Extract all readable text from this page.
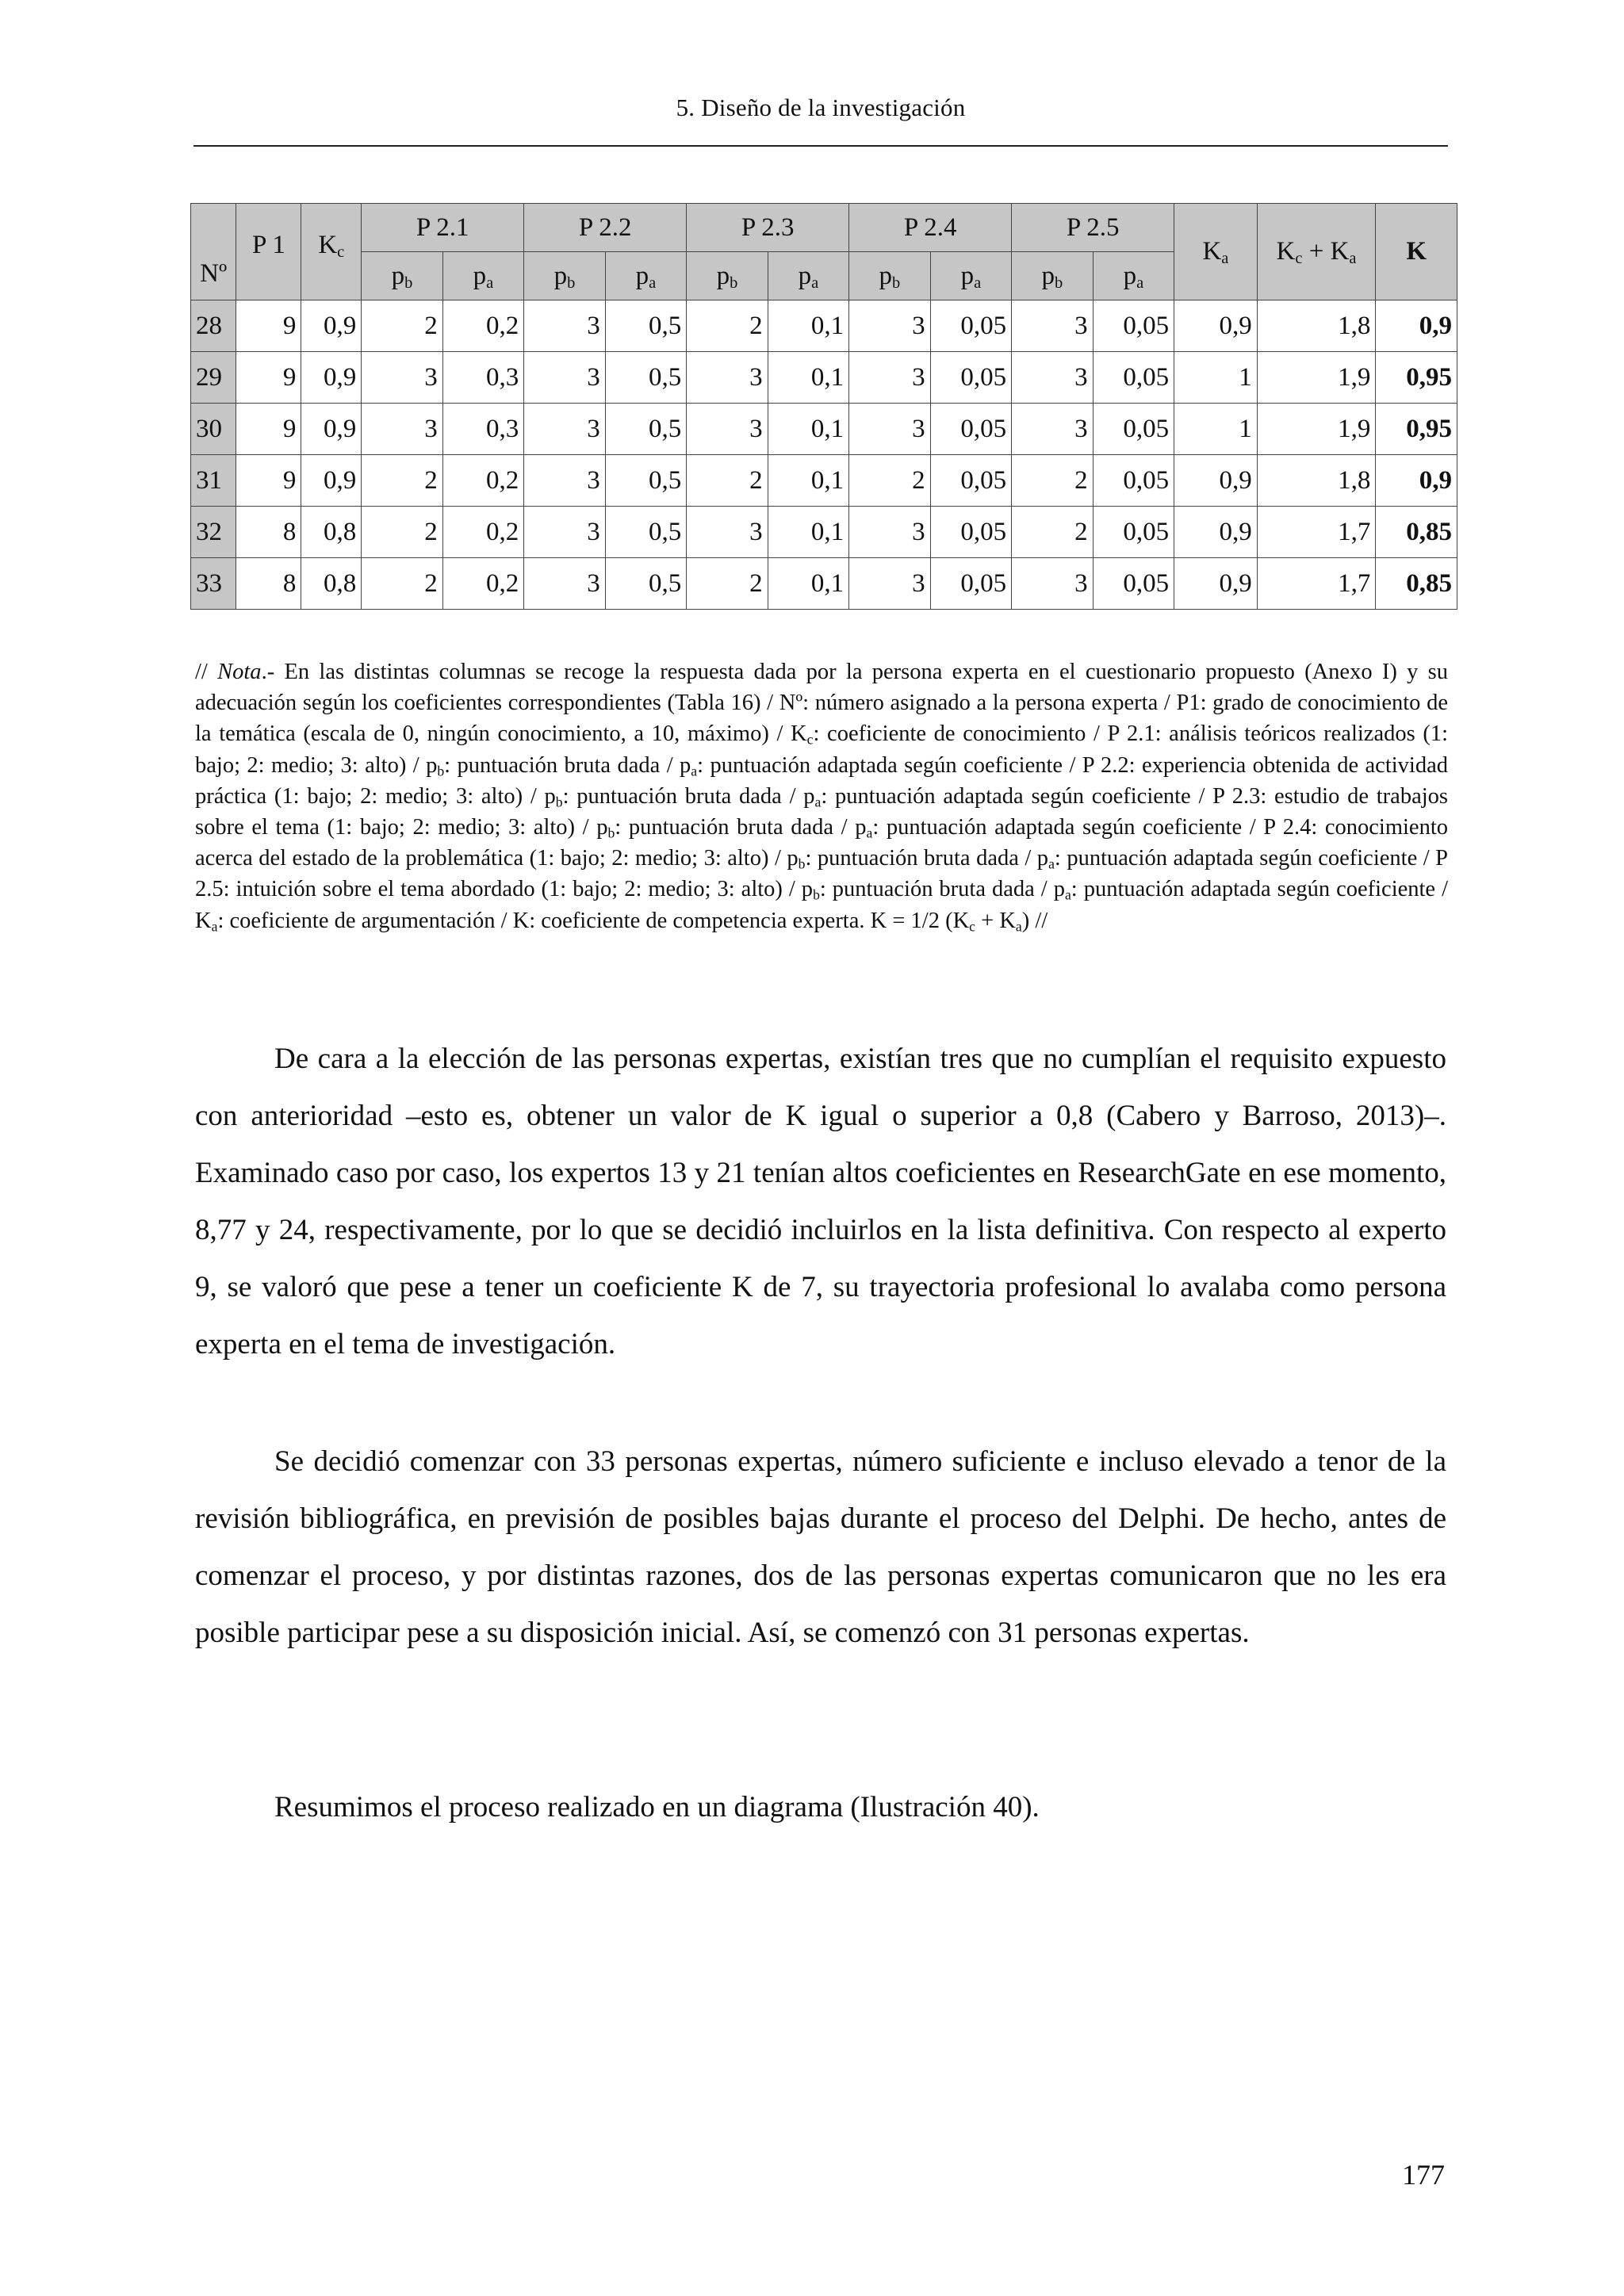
5. Diseño de la investigación
Nº	P 1	$K_c$	P 2.1		P 2.2		P 2.3		P 2.4		P 2.5		$K_a$	$K_c + K_a$	K
			$p_b$	$p_a$	$p_b$	$p_a$	$p_b$	$p_a$	$p_b$	$p_a$	$p_b$	$p_a$
28	9	0,9	2	0,2	3	0,5	2	0,1	3	0,05	3	0,05	0,9	1,8	0,9
29	9	0,9	3	0,3	3	0,5	3	0,1	3	0,05	3	0,05	1	1,9	0,95
30	9	0,9	3	0,3	3	0,5	3	0,1	3	0,05	3	0,05	1	1,9	0,95
31	9	0,9	2	0,2	3	0,5	2	0,1	2	0,05	2	0,05	0,9	1,8	0,9
32	8	0,8	2	0,2	3	0,5	3	0,1	3	0,05	2	0,05	0,9	1,7	0,85
33	8	0,8	2	0,2	3	0,5	2	0,1	3	0,05	3	0,05	0,9	1,7	0,85
// Nota.- En las distintas columnas se recoge la respuesta dada por la persona experta en el cuestionario propuesto (Anexo I) y su adecuación según los coeficientes correspondientes (Tabla 16) / Nº: número asignado a la persona experta / P1: grado de conocimiento de la temática (escala de 0, ningún conocimiento, a 10, máximo) / $K_c$: coeficiente de conocimiento / P 2.1: análisis teóricos realizados (1: bajo; 2: medio; 3: alto) / $p_b$: puntuación bruta dada / $p_a$: puntuación adaptada según coeficiente / P 2.2: experiencia obtenida de actividad práctica (1: bajo; 2: medio; 3: alto) / $p_b$: puntuación bruta dada / $p_a$: puntuación adaptada según coeficiente / P 2.3: estudio de trabajos sobre el tema (1: bajo; 2: medio; 3: alto) / $p_b$: puntuación bruta dada / $p_a$: puntuación adaptada según coeficiente / P 2.4: conocimiento acerca del estado de la problemática (1: bajo; 2: medio; 3: alto) / $p_b$: puntuación bruta dada / $p_a$: puntuación adaptada según coeficiente / P 2.5: intuición sobre el tema abordado (1: bajo; 2: medio; 3: alto) / $p_b$: puntuación bruta dada / $p_a$: puntuación adaptada según coeficiente / $K_a$: coeficiente de argumentación / K: coeficiente de competencia experta. K = 1/2 $(K_c + K_a)$ //

De cara a la elección de las personas expertas, existían tres que no cumplían el requisito expuesto con anterioridad –esto es, obtener un valor de K igual o superior a 0,8 (Cabero y Barroso, 2013)–. Examinado caso por caso, los expertos 13 y 21 tenían altos coeficientes en ResearchGate en ese momento, 8,77 y 24, respectivamente, por lo que se decidió incluirlos en la lista definitiva. Con respecto al experto 9, se valoró que pese a tener un coeficiente K de 7, su trayectoria profesional lo avalaba como persona experta en el tema de investigación.

Se decidió comenzar con 33 personas expertas, número suficiente e incluso elevado a tenor de la revisión bibliográfica, en previsión de posibles bajas durante el proceso del Delphi. De hecho, antes de comenzar el proceso, y por distintas razones, dos de las personas expertas comunicaron que no les era posible participar pese a su disposición inicial. Así, se comenzó con 31 personas expertas.

Resumimos el proceso realizado en un diagrama (Ilustración 40).

177
